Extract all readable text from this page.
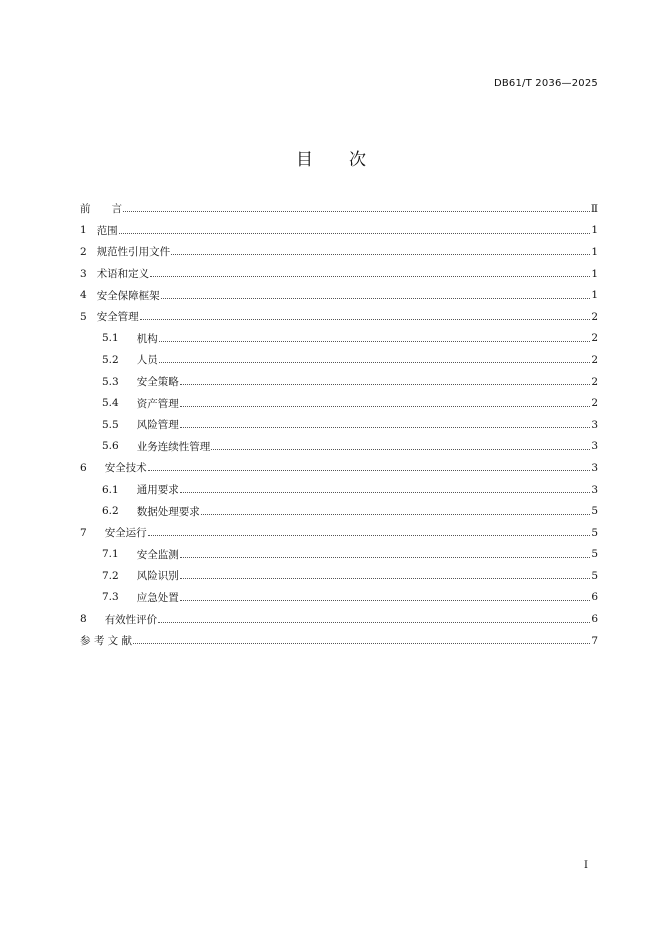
DB61/T 2036—2025
目 次
前　　言	Ⅱ
1 范围	1
2 规范性引用文件	1
3 术语和定义	1
4 安全保障框架	1
5 安全管理	2
5.1 机构	2
5.2 人员	2
5.3 安全策略	2
5.4 资产管理	2
5.5 风险管理	3
5.6 业务连续性管理	3
6 安全技术	3
6.1 通用要求	3
6.2 数据处理要求	5
7 安全运行	5
7.1 安全监测	5
7.2 风险识别	5
7.3 应急处置	6
8 有效性评价	6
参 考 文 献	7
I
